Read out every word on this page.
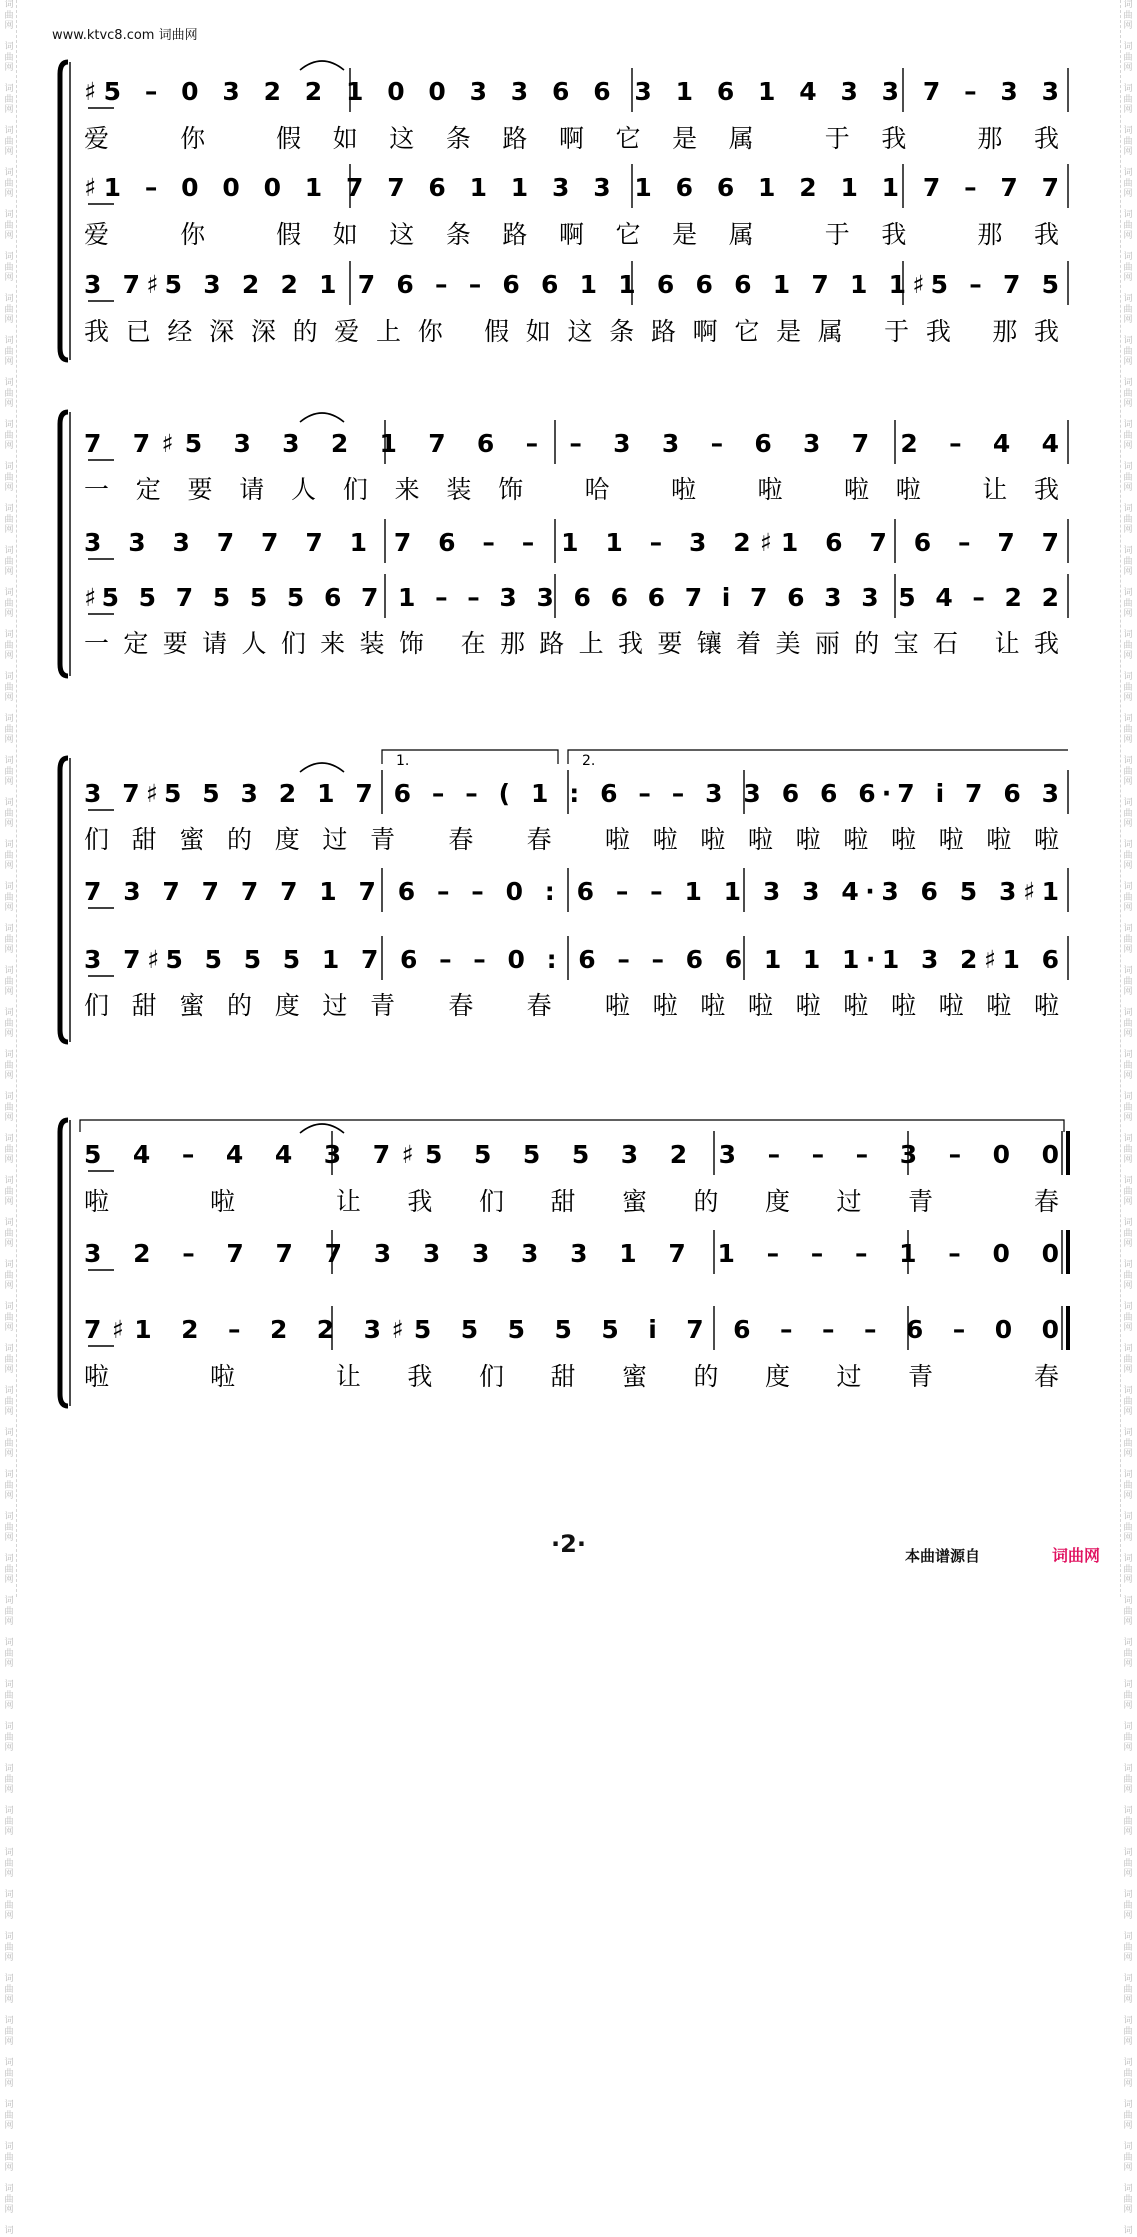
词
曲
网

词
曲
网

词
曲
网

词
曲
网

词
曲
网

词
曲
网

词
曲
网

词
曲
网

词
曲
网

词
曲
网

词
曲
网

词
曲
网

词
曲
网

词
曲
网

词
曲
网

词
曲
网

词
曲
网

词
曲
网

词
曲
网

词
曲
网

词
曲
网

词
曲
网

词
曲
网

词
曲
网

词
曲
网

词
曲
网

词
曲
网

词
曲
网

词
曲
网

词
曲
网

词
曲
网

词
曲
网

词
曲
网

词
曲
网

词
曲
网

词
曲
网

词
曲
网

词
曲
网

词
曲
网

词
曲
网

词
曲
网

词
曲
网

词
曲
网

词
曲
网

词
曲
网

词
曲
网

词
曲
网

词
曲
网

词
曲
网

词
曲
网

词
曲
网

词
曲
网

词
曲
网

词

词
曲
网

词
曲
网

词
曲
网

词
曲
网

词
曲
网

词
曲
网

词
曲
网

词
曲
网

词
曲
网

词
曲
网

词
曲
网

词
曲
网

词
曲
网

词
曲
网

词
曲
网

词
曲
网

词
曲
网

词
曲
网

词
曲
网

词
曲
网

词
曲
网

词
曲
网

词
曲
网

词
曲
网

词
曲
网

词
曲
网

词
曲
网

词
曲
网

词
曲
网

词
曲
网

词
曲
网

词
曲
网

词
曲
网

词
曲
网

词
曲
网

词
曲
网

词
曲
网

词
曲
网

词
曲
网

词
曲
网

词
曲
网

词
曲
网

词
曲
网

词
曲
网

词
曲
网

词
曲
网

词
曲
网

词
曲
网

词
曲
网

词
曲
网

词
曲
网

词
曲
网

词
曲
网

词

www.ktvc8.com 词曲网
♯5 – 0 3 2 2 1 0 0 3 3 6 6 3 1 6 1 4 3 3 7 – 3 3
爱 你 假如这条路啊它是属 于我 那我
♯1 – 0 0 0 1 7 7 6 1 1 3 3 1 6 6 1 2 1 1 7 – 7 7
爱 你 假如这条路啊它是属 于我 那我
3 7♯5 3 2 2 1 7 6 – – 6 6 1 1 6 6 6 1 7 1 1♯5 – 7 5
我已经深深的爱上你 假如这条路啊它是属 于我 那我
7 7♯5 3 3 2 1 7 6 – – 3 3 – 6 3 7 2 – 4 4
一定要请人们来装饰 哈 啦 啦 啦啦 让我
3 3 3 7 7 7 1 7 6 – – 1 1 – 3 2♯1 6 7 6 – 7 7
♯5 5 7 5 5 5 6 7 1 – – 3 3 6 6 6 7 i 7 6 3 3 5 4 – 2 2
一定要请人们来装饰 在那路上我要镶着美丽的宝石 让我
1.	2.
3 7♯5 5 3 2 1 7 6 – – ( 1 : 6 – – 3 3 6 6 6·7 i 7 6 3
们甜蜜的度过青 春 春 啦啦啦啦啦啦啦啦啦啦
7 3 7 7 7 7 1 7 6 – – 0 : 6 – – 1 1 3 3 4·3 6 5 3♯1
3 7♯5 5 5 5 1 7 6 – – 0 : 6 – – 6 6 1 1 1·1 3 2♯1 6
们甜蜜的度过青 春 春 啦啦啦啦啦啦啦啦啦啦
5 4 – 4 4 3 7♯5 5 5 5 3 2 3 – – – 3 – 0 0
啦 啦 让我们甜蜜的度过青 春
3 2 – 7 7 7 3 3 3 3 3 1 7 1 – – – 1 – 0 0
7♯1 2 – 2 2 3♯5 5 5 5 5 i 7 6 – – – 6 – 0 0
啦 啦 让我们甜蜜的度过青 春
·2·	本曲谱源自	词曲网
